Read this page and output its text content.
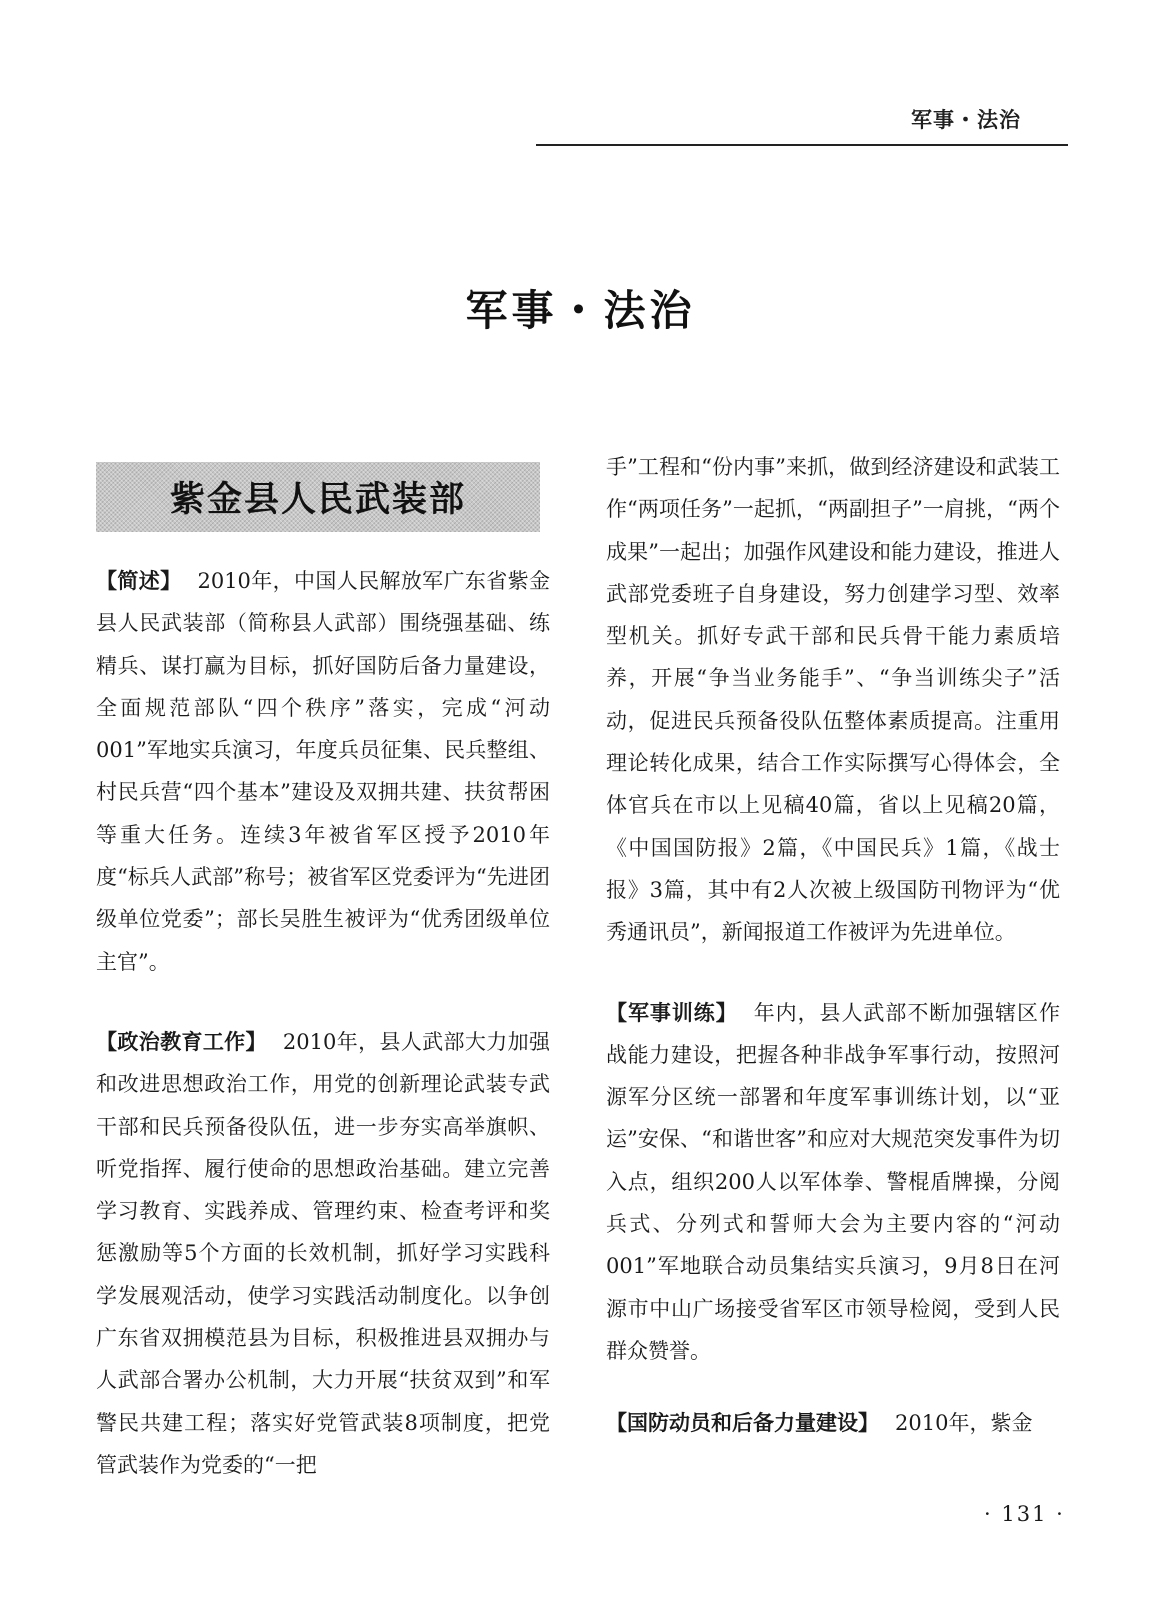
军事・法治
军事・法治
紫金县人民武装部

【简述】 2010年，中国人民解放军广东省紫金县人民武装部（简称县人武部）围绕强基础、练精兵、谋打赢为目标，抓好国防后备力量建设，全面规范部队“四个秩序”落实，完成“河动001”军地实兵演习，年度兵员征集、民兵整组、村民兵营“四个基本”建设及双拥共建、扶贫帮困等重大任务。连续3年被省军区授予2010年度“标兵人武部”称号；被省军区党委评为“先进团级单位党委”；部长吴胜生被评为“优秀团级单位主官”。

【政治教育工作】 2010年，县人武部大力加强和改进思想政治工作，用党的创新理论武装专武干部和民兵预备役队伍，进一步夯实高举旗帜、听党指挥、履行使命的思想政治基础。建立完善学习教育、实践养成、管理约束、检查考评和奖惩激励等5个方面的长效机制，抓好学习实践科学发展观活动，使学习实践活动制度化。以争创广东省双拥模范县为目标，积极推进县双拥办与人武部合署办公机制，大力开展“扶贫双到”和军警民共建工程；落实好党管武装8项制度，把党管武装作为党委的“一把

手”工程和“份内事”来抓，做到经济建设和武装工作“两项任务”一起抓，“两副担子”一肩挑，“两个成果”一起出；加强作风建设和能力建设，推进人武部党委班子自身建设，努力创建学习型、效率型机关。抓好专武干部和民兵骨干能力素质培养，开展“争当业务能手”、“争当训练尖子”活动，促进民兵预备役队伍整体素质提高。注重用理论转化成果，结合工作实际撰写心得体会，全体官兵在市以上见稿40篇，省以上见稿20篇，《中国国防报》2篇，《中国民兵》1篇，《战士报》3篇，其中有2人次被上级国防刊物评为“优秀通讯员”，新闻报道工作被评为先进单位。

【军事训练】 年内，县人武部不断加强辖区作战能力建设，把握各种非战争军事行动，按照河源军分区统一部署和年度军事训练计划，以“亚运”安保、“和谐世客”和应对大规范突发事件为切入点，组织200人以军体拳、警棍盾牌操，分阅兵式、分列式和誓师大会为主要内容的“河动001”军地联合动员集结实兵演习，9月8日在河源市中山广场接受省军区市领导检阅，受到人民群众赞誉。

【国防动员和后备力量建设】 2010年，紫金

· 131 ·
